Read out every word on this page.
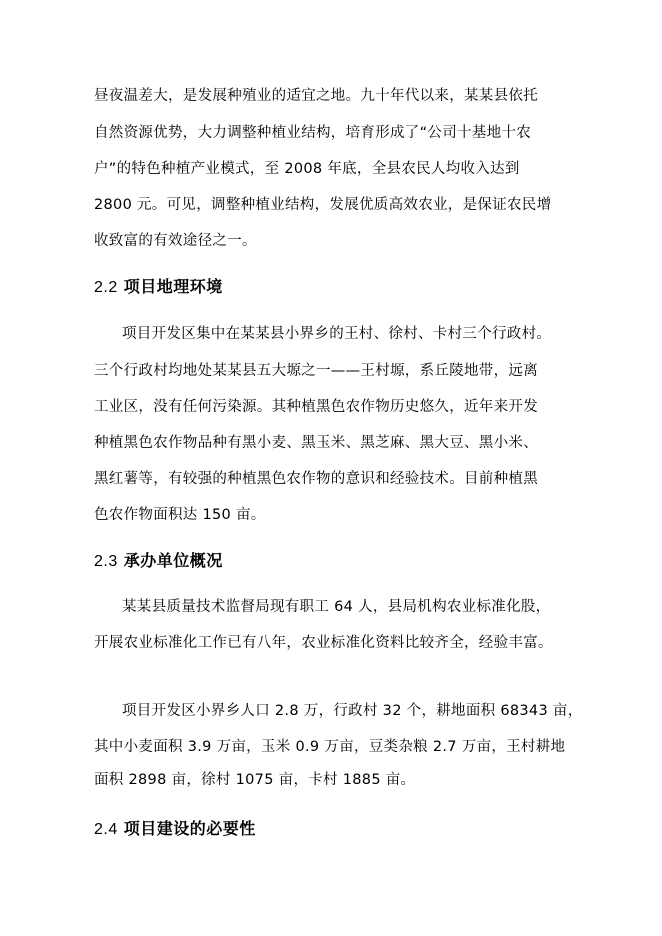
昼夜温差大，是发展种殖业的适宜之地。九十年代以来，某某县依托
自然资源优势，大力调整种植业结构，培育形成了“公司十基地十农
户”的特色种植产业模式，至 2008 年底，全县农民人均收入达到
2800 元。可见，调整种植业结构，发展优质高效农业，是保证农民增
收致富的有效途径之一。
2.2 项目地理环境
项目开发区集中在某某县小界乡的王村、徐村、卡村三个行政村。
三个行政村均地处某某县五大塬之一——王村塬，系丘陵地带，远离
工业区，没有任何污染源。其种植黑色农作物历史悠久，近年来开发
种植黑色农作物品种有黑小麦、黑玉米、黑芝麻、黑大豆、黑小米、
黑红薯等，有较强的种植黑色农作物的意识和经验技术。目前种植黑
色农作物面积达 150 亩。
2.3 承办单位概况
某某县质量技术监督局现有职工 64 人，县局机构农业标准化股，
开展农业标准化工作已有八年，农业标准化资料比较齐全，经验丰富。
项目开发区小界乡人口 2.8 万，行政村 32 个，耕地面积 68343 亩，
其中小麦面积 3.9 万亩，玉米 0.9 万亩，豆类杂粮 2.7 万亩，王村耕地
面积 2898 亩，徐村 1075 亩，卡村 1885 亩。
2.4 项目建设的必要性
